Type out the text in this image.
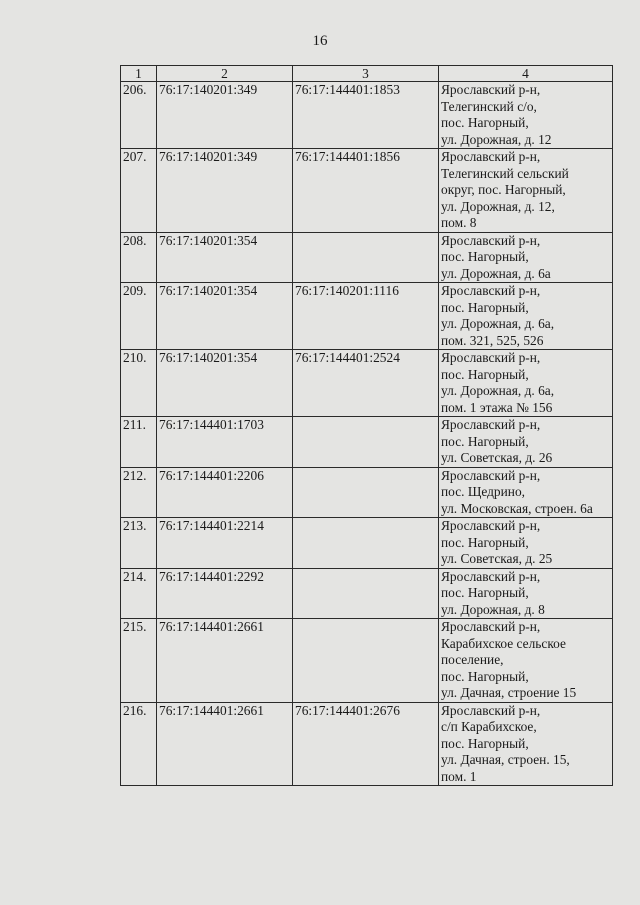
16
1	2	3	4
206.	76:17:140201:349	76:17:144401:1853	Ярославский р-н,
Телегинский с/о,
пос. Нагорный,
ул. Дорожная, д. 12

207.	76:17:140201:349	76:17:144401:1856	Ярославский р-н,
Телегинский сельский
округ, пос. Нагорный,
ул. Дорожная, д. 12,
пом. 8

208.	76:17:140201:354		Ярославский р-н,
пос. Нагорный,
ул. Дорожная, д. 6а

209.	76:17:140201:354	76:17:140201:1116	Ярославский р-н,
пос. Нагорный,
ул. Дорожная, д. 6а,
пом. 321, 525, 526

210.	76:17:140201:354	76:17:144401:2524	Ярославский р-н,
пос. Нагорный,
ул. Дорожная, д. 6а,
пом. 1 этажа № 156

211.	76:17:144401:1703		Ярославский р-н,
пос. Нагорный,
ул. Советская, д. 26

212.	76:17:144401:2206		Ярославский р-н,
пос. Щедрино,
ул. Московская, строен. 6а

213.	76:17:144401:2214		Ярославский р-н,
пос. Нагорный,
ул. Советская, д. 25

214.	76:17:144401:2292		Ярославский р-н,
пос. Нагорный,
ул. Дорожная, д. 8

215.	76:17:144401:2661		Ярославский р-н,
Карабихское сельское
поселение,
пос. Нагорный,
ул. Дачная, строение 15

216.	76:17:144401:2661	76:17:144401:2676	Ярославский р-н,
с/п Карабихское,
пос. Нагорный,
ул. Дачная, строен. 15,
пом. 1
